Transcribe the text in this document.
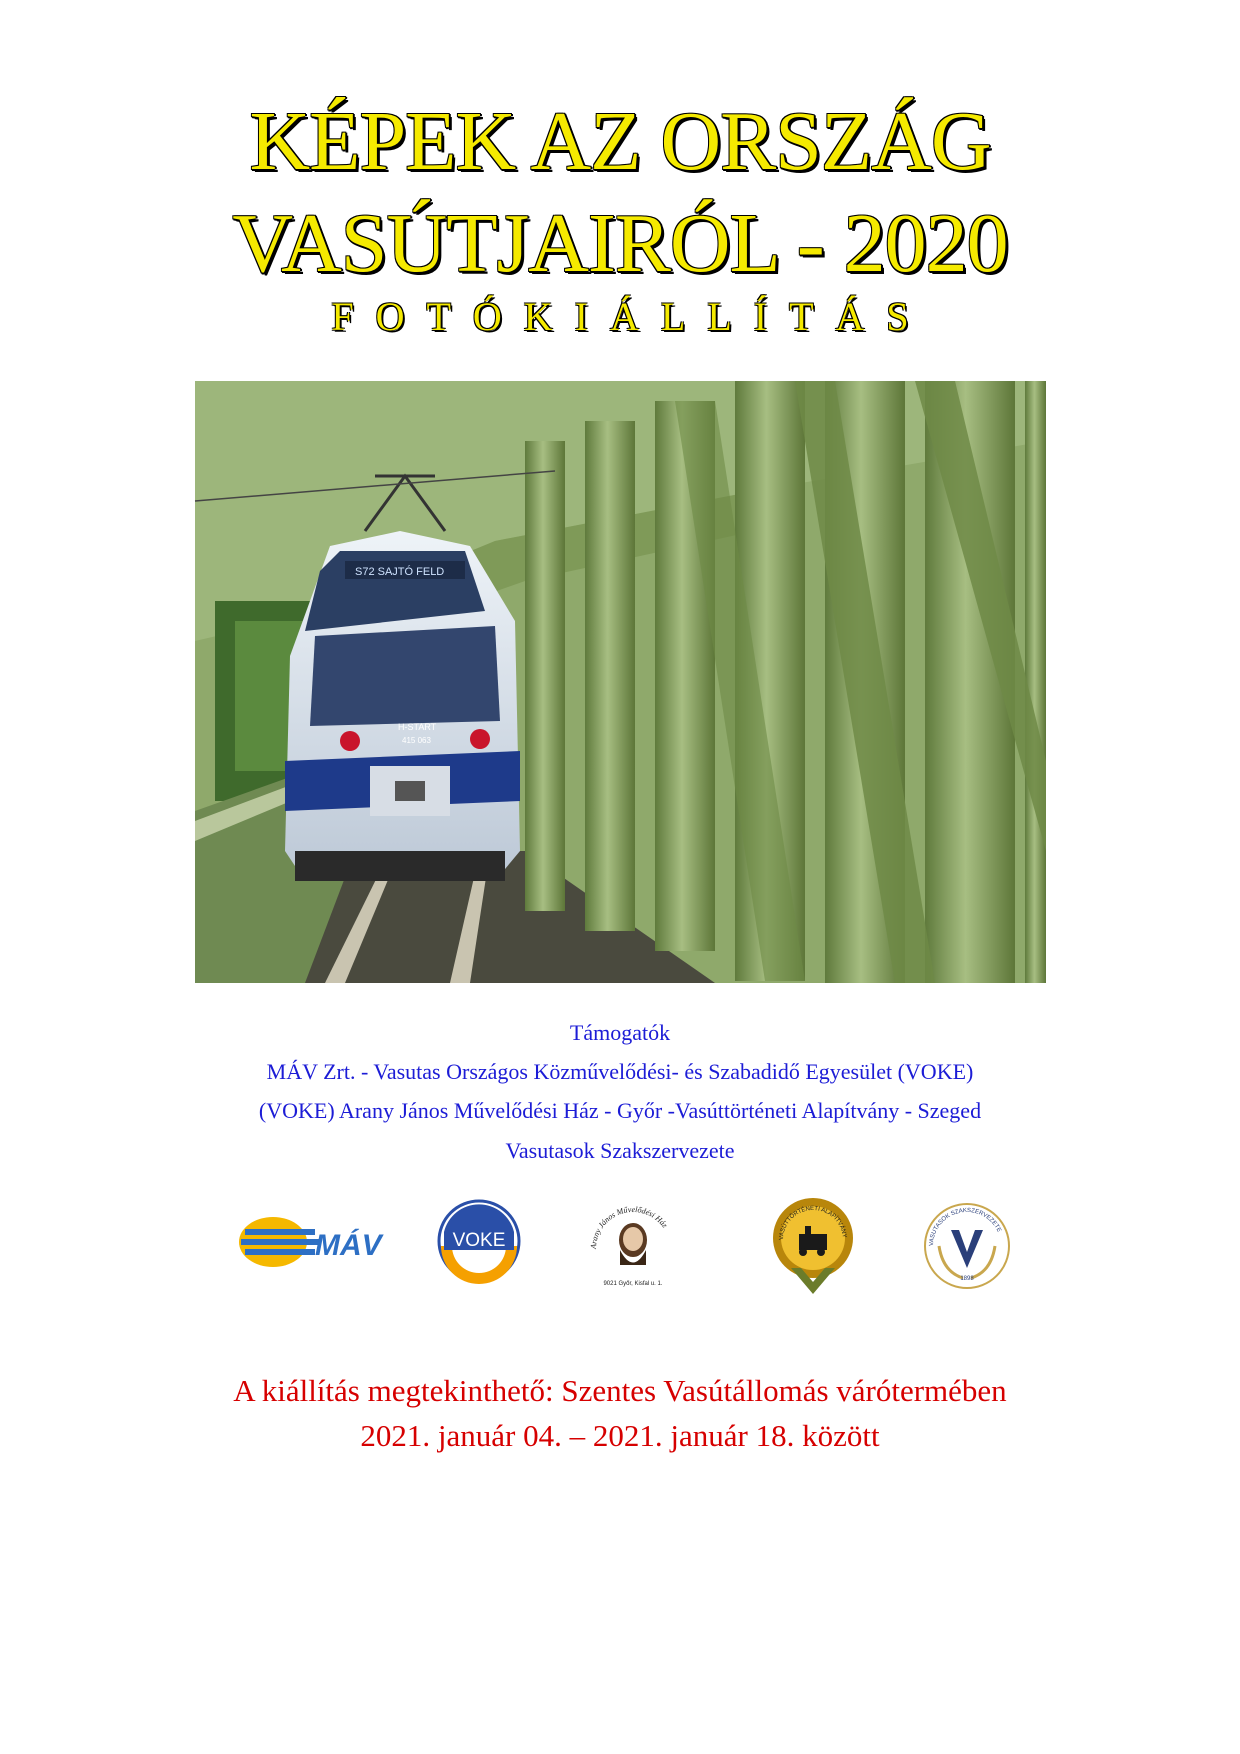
KÉPEK AZ ORSZÁG
VASÚTJAIRÓL - 2020
FOTÓKIÁLLÍTÁS
S72 SAJTÓ FELD
H-START
415 063
Támogatók
MÁV Zrt. - Vasutas Országos Közművelődési- és Szabadidő Egyesület (VOKE)
(VOKE) Arany János Művelődési Ház - Győr -Vasúttörténeti Alapítvány - Szeged
Vasutasok Szakszervezete
MÁV	VOKE	Arany János Művelődési Ház
9021 Győr, Kisfal u. 1.
VASÚTTÖRTÉNETI ALAPÍTVÁNY
VASUTASOK SZAKSZERVEZETE
1898
A kiállítás megtekinthető: Szentes Vasútállomás várótermében
2021. január 04. – 2021. január 18. között
